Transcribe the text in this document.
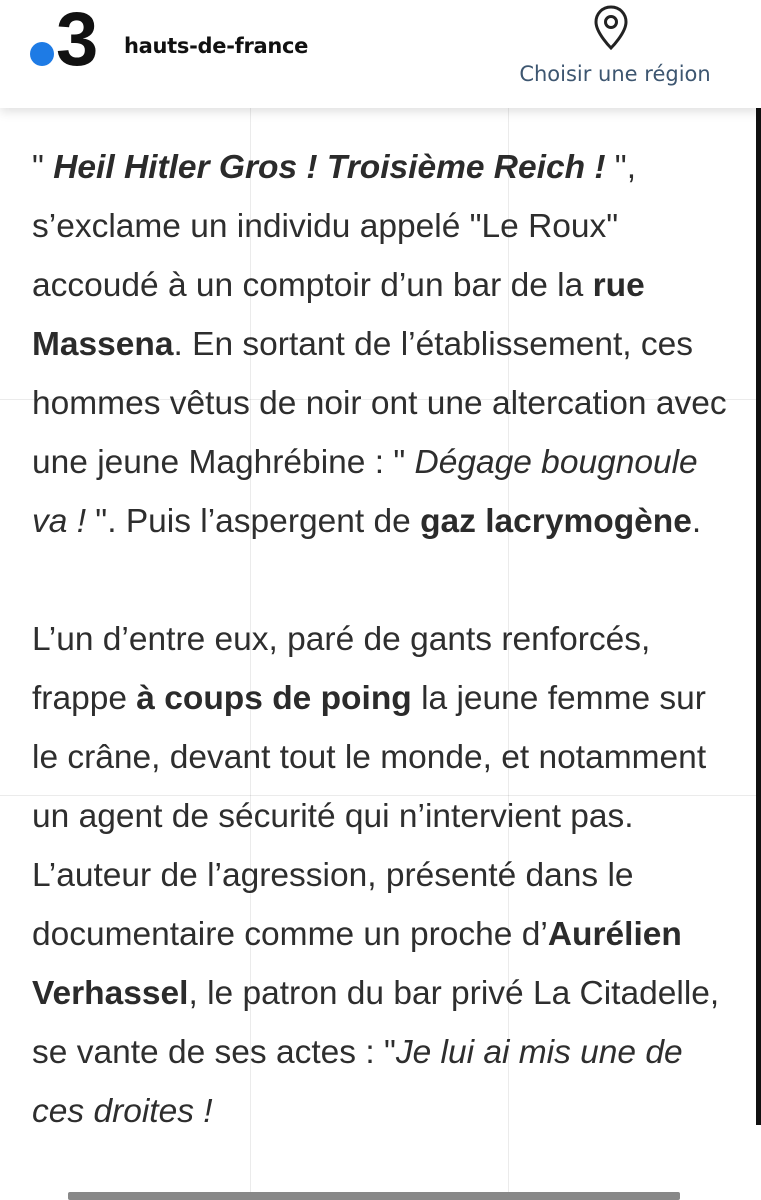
3 hauts-de-france
Choisir une région

" Heil Hitler Gros ! Troisième Reich ! ", s’exclame un individu appelé "Le Roux" accoudé à un comptoir d’un bar de la rue Massena. En sortant de l’établissement, ces hommes vêtus de noir ont une altercation avec une jeune Maghrébine : " Dégage bougnoule va ! ". Puis l’aspergent de gaz lacrymogène.

L’un d’entre eux, paré de gants renforcés, frappe à coups de poing la jeune femme sur le crâne, devant tout le monde, et notamment un agent de sécurité qui n’intervient pas. L’auteur de l’agression, présenté dans le documentaire comme un proche d’Aurélien Verhassel, le patron du bar privé La Citadelle, se vante de ses actes : "Je lui ai mis une de ces droites !
